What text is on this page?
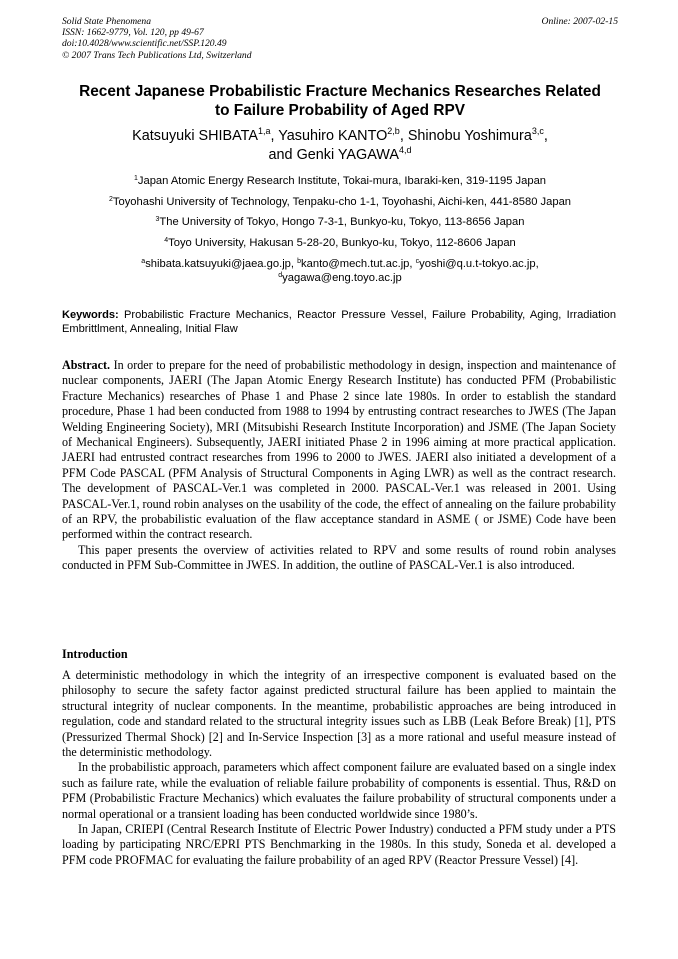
Solid State Phenomena
ISSN: 1662-9779, Vol. 120, pp 49-67
doi:10.4028/www.scientific.net/SSP.120.49
© 2007 Trans Tech Publications Ltd, Switzerland
Online: 2007-02-15
Recent Japanese Probabilistic Fracture Mechanics Researches Related
to Failure Probability of Aged RPV
Katsuyuki SHIBATA$^{1,a}$, Yasuhiro KANTO$^{2,b}$, Shinobu Yoshimura$^{3,c}$,
and Genki YAGAWA$^{4,d}$
$^1$Japan Atomic Energy Research Institute, Tokai-mura, Ibaraki-ken, 319-1195 Japan
$^2$Toyohashi University of Technology, Tenpaku-cho 1-1, Toyohashi, Aichi-ken, 441-8580 Japan
$^3$The University of Tokyo, Hongo 7-3-1, Bunkyo-ku, Tokyo, 113-8656 Japan
$^4$Toyo University, Hakusan 5-28-20, Bunkyo-ku, Tokyo, 112-8606 Japan
$^a$shibata.katsuyuki@jaea.go.jp, $^b$kanto@mech.tut.ac.jp, $^c$yoshi@q.u.t-tokyo.ac.jp,
$^d$yagawa@eng.toyo.ac.jp
Keywords: Probabilistic Fracture Mechanics, Reactor Pressure Vessel, Failure Probability, Aging, Irradiation Embrittlment, Annealing, Initial Flaw

Abstract. In order to prepare for the need of probabilistic methodology in design, inspection and maintenance of nuclear components, JAERI (The Japan Atomic Energy Research Institute) has conducted PFM (Probabilistic Fracture Mechanics) researches of Phase 1 and Phase 2 since late 1980s. In order to establish the standard procedure, Phase 1 had been conducted from 1988 to 1994 by entrusting contract researches to JWES (The Japan Welding Engineering Society), MRI (Mitsubishi Research Institute Incorporation) and JSME (The Japan Society of Mechanical Engineers). Subsequently, JAERI initiated Phase 2 in 1996 aiming at more practical application. JAERI had entrusted contract researches from 1996 to 2000 to JWES. JAERI also initiated a development of a PFM Code PASCAL (PFM Analysis of Structural Components in Aging LWR) as well as the contract research. The development of PASCAL-Ver.1 was completed in 2000. PASCAL-Ver.1 was released in 2001. Using PASCAL-Ver.1, round robin analyses on the usability of the code, the effect of annealing on the failure probability of an RPV, the probabilistic evaluation of the flaw acceptance standard in ASME ( or JSME) Code have been performed within the contract research.

This paper presents the overview of activities related to RPV and some results of round robin analyses conducted in PFM Sub-Committee in JWES. In addition, the outline of PASCAL-Ver.1 is also introduced.

Introduction

A deterministic methodology in which the integrity of an irrespective component is evaluated based on the philosophy to secure the safety factor against predicted structural failure has been applied to maintain the structural integrity of nuclear components. In the meantime, probabilistic approaches are being introduced in regulation, code and standard related to the structural integrity issues such as LBB (Leak Before Break) [1], PTS (Pressurized Thermal Shock) [2] and In-Service Inspection [3] as a more rational and useful measure instead of the deterministic methodology.

In the probabilistic approach, parameters which affect component failure are evaluated based on a single index such as failure rate, while the evaluation of reliable failure probability of components is essential. Thus, R&D on PFM (Probabilistic Fracture Mechanics) which evaluates the failure probability of structural components under a normal operational or a transient loading has been conducted worldwide since 1980’s.

In Japan, CRIEPI (Central Research Institute of Electric Power Industry) conducted a PFM study under a PTS loading by participating NRC/EPRI PTS Benchmarking in the 1980s. In this study, Soneda et al. developed a PFM code PROFMAC for evaluating the failure probability of an aged RPV (Reactor Pressure Vessel) [4].
